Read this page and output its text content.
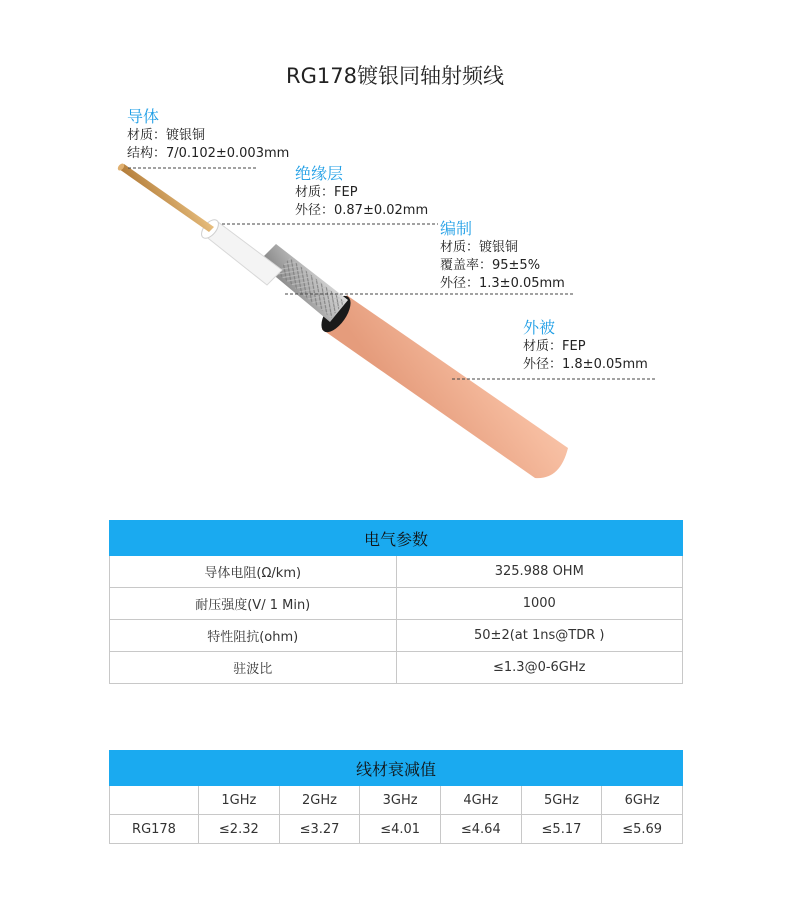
RG178镀银同轴射频线
导体
材质：镀银铜
结构：7/0.102±0.003mm
绝缘层
材质：FEP
外径：0.87±0.02mm
编制
材质：镀银铜
覆盖率：95±5%
外径：1.3±0.05mm
外被
材质：FEP
外径：1.8±0.05mm
电气参数	
导体电阻(Ω/km)	325.988 OHM
耐压强度(V/ 1 Min)	1000
特性阻抗(ohm)	50±2(at 1ns@TDR )
驻波比	≤1.3@0-6GHz
线材衰减值						
	1GHz	2GHz	3GHz	4GHz	5GHz	6GHz
RG178	≤2.32	≤3.27	≤4.01	≤4.64	≤5.17	≤5.69
